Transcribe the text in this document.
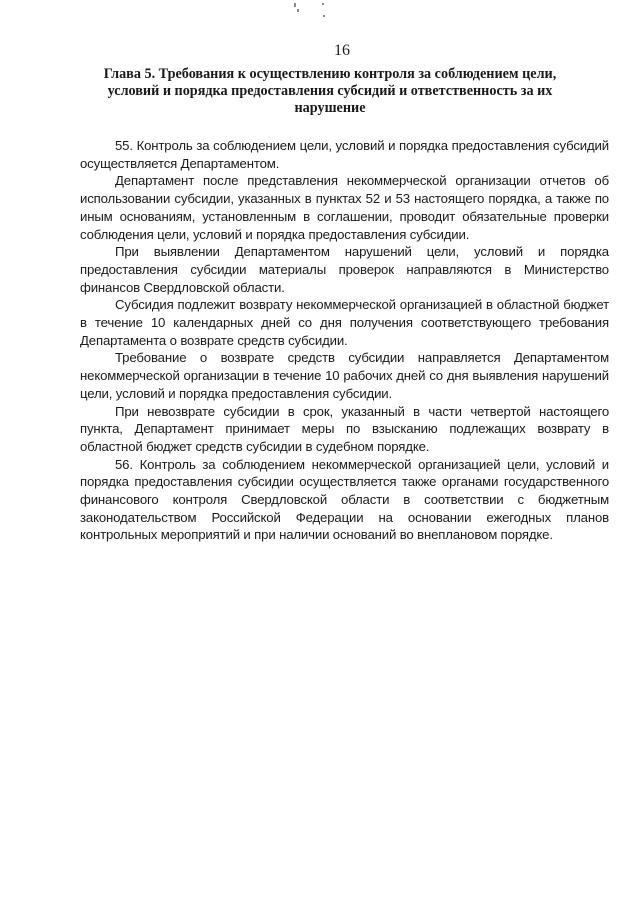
16
Глава 5. Требования к осуществлению контроля за соблюдением цели, условий и порядка предоставления субсидий и ответственность за их нарушение

55. Контроль за соблюдением цели, условий и порядка предоставления субсидий осуществляется Департаментом.

Департамент после представления некоммерческой организации отчетов об использовании субсидии, указанных в пунктах 52 и 53 настоящего порядка, а также по иным основаниям, установленным в соглашении, проводит обязательные проверки соблюдения цели, условий и порядка предоставления субсидии.

При выявлении Департаментом нарушений цели, условий и порядка предоставления субсидии материалы проверок направляются в Министерство финансов Свердловской области.

Субсидия подлежит возврату некоммерческой организацией в областной бюджет в течение 10 календарных дней со дня получения соответствующего требования Департамента о возврате средств субсидии.

Требование о возврате средств субсидии направляется Департаментом некоммерческой организации в течение 10 рабочих дней со дня выявления нарушений цели, условий и порядка предоставления субсидии.

При невозврате субсидии в срок, указанный в части четвертой настоящего пункта, Департамент принимает меры по взысканию подлежащих возврату в областной бюджет средств субсидии в судебном порядке.

56. Контроль за соблюдением некоммерческой организацией цели, условий и порядка предоставления субсидии осуществляется также органами государственного финансового контроля Свердловской области в соответствии с бюджетным законодательством Российской Федерации на основании ежегодных планов контрольных мероприятий и при наличии оснований во внеплановом порядке.
